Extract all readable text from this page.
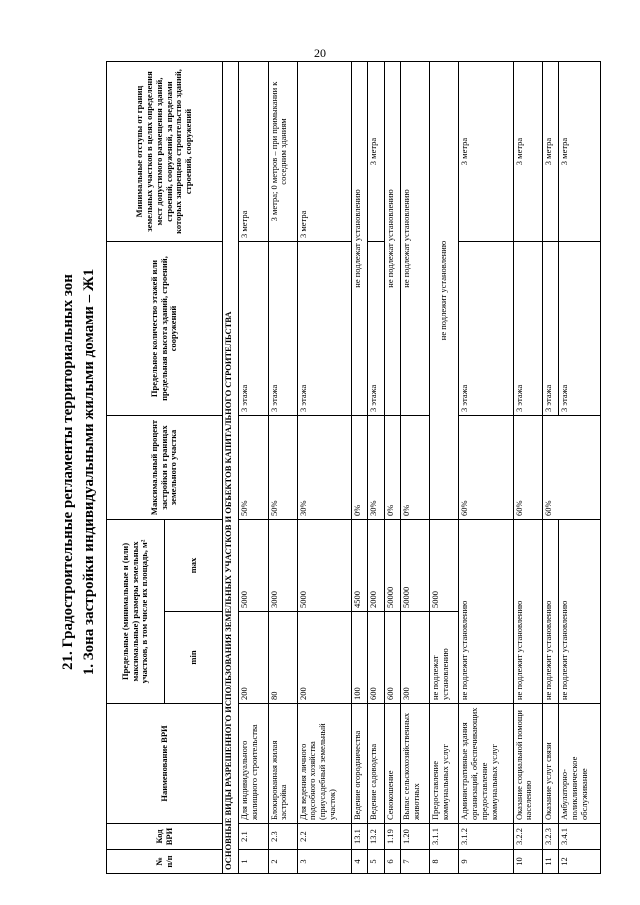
20
21. Градостроительные регламенты территориальных зон 1. Зона застройки индивидуальными жилыми домами – Ж1
№ п/п	Код ВРИ	Наименование ВРИ	Предельные (минимальные и (или) максимальные) размеры земельных участков, в том числе их площадь, м²		Максимальный процент застройки в границах земельного участка	Предельное количество этажей или предельная высота зданий, строений, сооружений	Минимальные отступы от границ земельных участков в целях определения мест допустимого размещения зданий, строений, сооружений, за пределами которых запрещено строительство зданий, строений, сооружений
			min	max			
ОСНОВНЫЕ ВИДЫ РАЗРЕШЕННОГО ИСПОЛЬЗОВАНИЯ ЗЕМЕЛЬНЫХ УЧАСТКОВ И ОБЪЕКТОВ КАПИТАЛЬНОГО СТРОИТЕЛЬСТВА							
1	2.1	Для индивидуального жилищного строительства	200	5000	50%	3 этажа	3 метра
2	2.3	Блокированная жилая застройка	80	3000	50%	3 этажа	3 метра; 0 метров – при примыкании к соседним зданиям
3	2.2	Для ведения личного подсобного хозяйства (приусадебный земельный участок)	200	5000	30%	3 этажа	3 метра
4	13.1	Ведение огородничества	100	4500	0%	не подлежат установлению	
5	13.2	Ведение садоводства	600	2000	30%	3 этажа	3 метра
6	1.19	Сенокошение	600	50000	0%	не подлежат установлению	
7	1.20	Выпас сельскохозяйственных животных	300	50000	0%	не подлежат установлению	
8	3.1.1	Предоставление коммунальных услуг	не подлежат установлению	5000	не подлежит установлению		
9	3.1.2	Административные здания организаций, обеспечивающих предоставление коммунальных услуг	не подлежит установлению		60%	3 этажа	3 метра
10	3.2.2	Оказание социальной помощи населению	не подлежит установлению		60%	3 этажа	3 метра
11	3.2.3	Оказание услуг связи	не подлежит установлению		60%	3 этажа	3 метра
12	3.4.1	Амбулаторно-поликлиническое обслуживание	не подлежит установлению			3 этажа	3 метра
